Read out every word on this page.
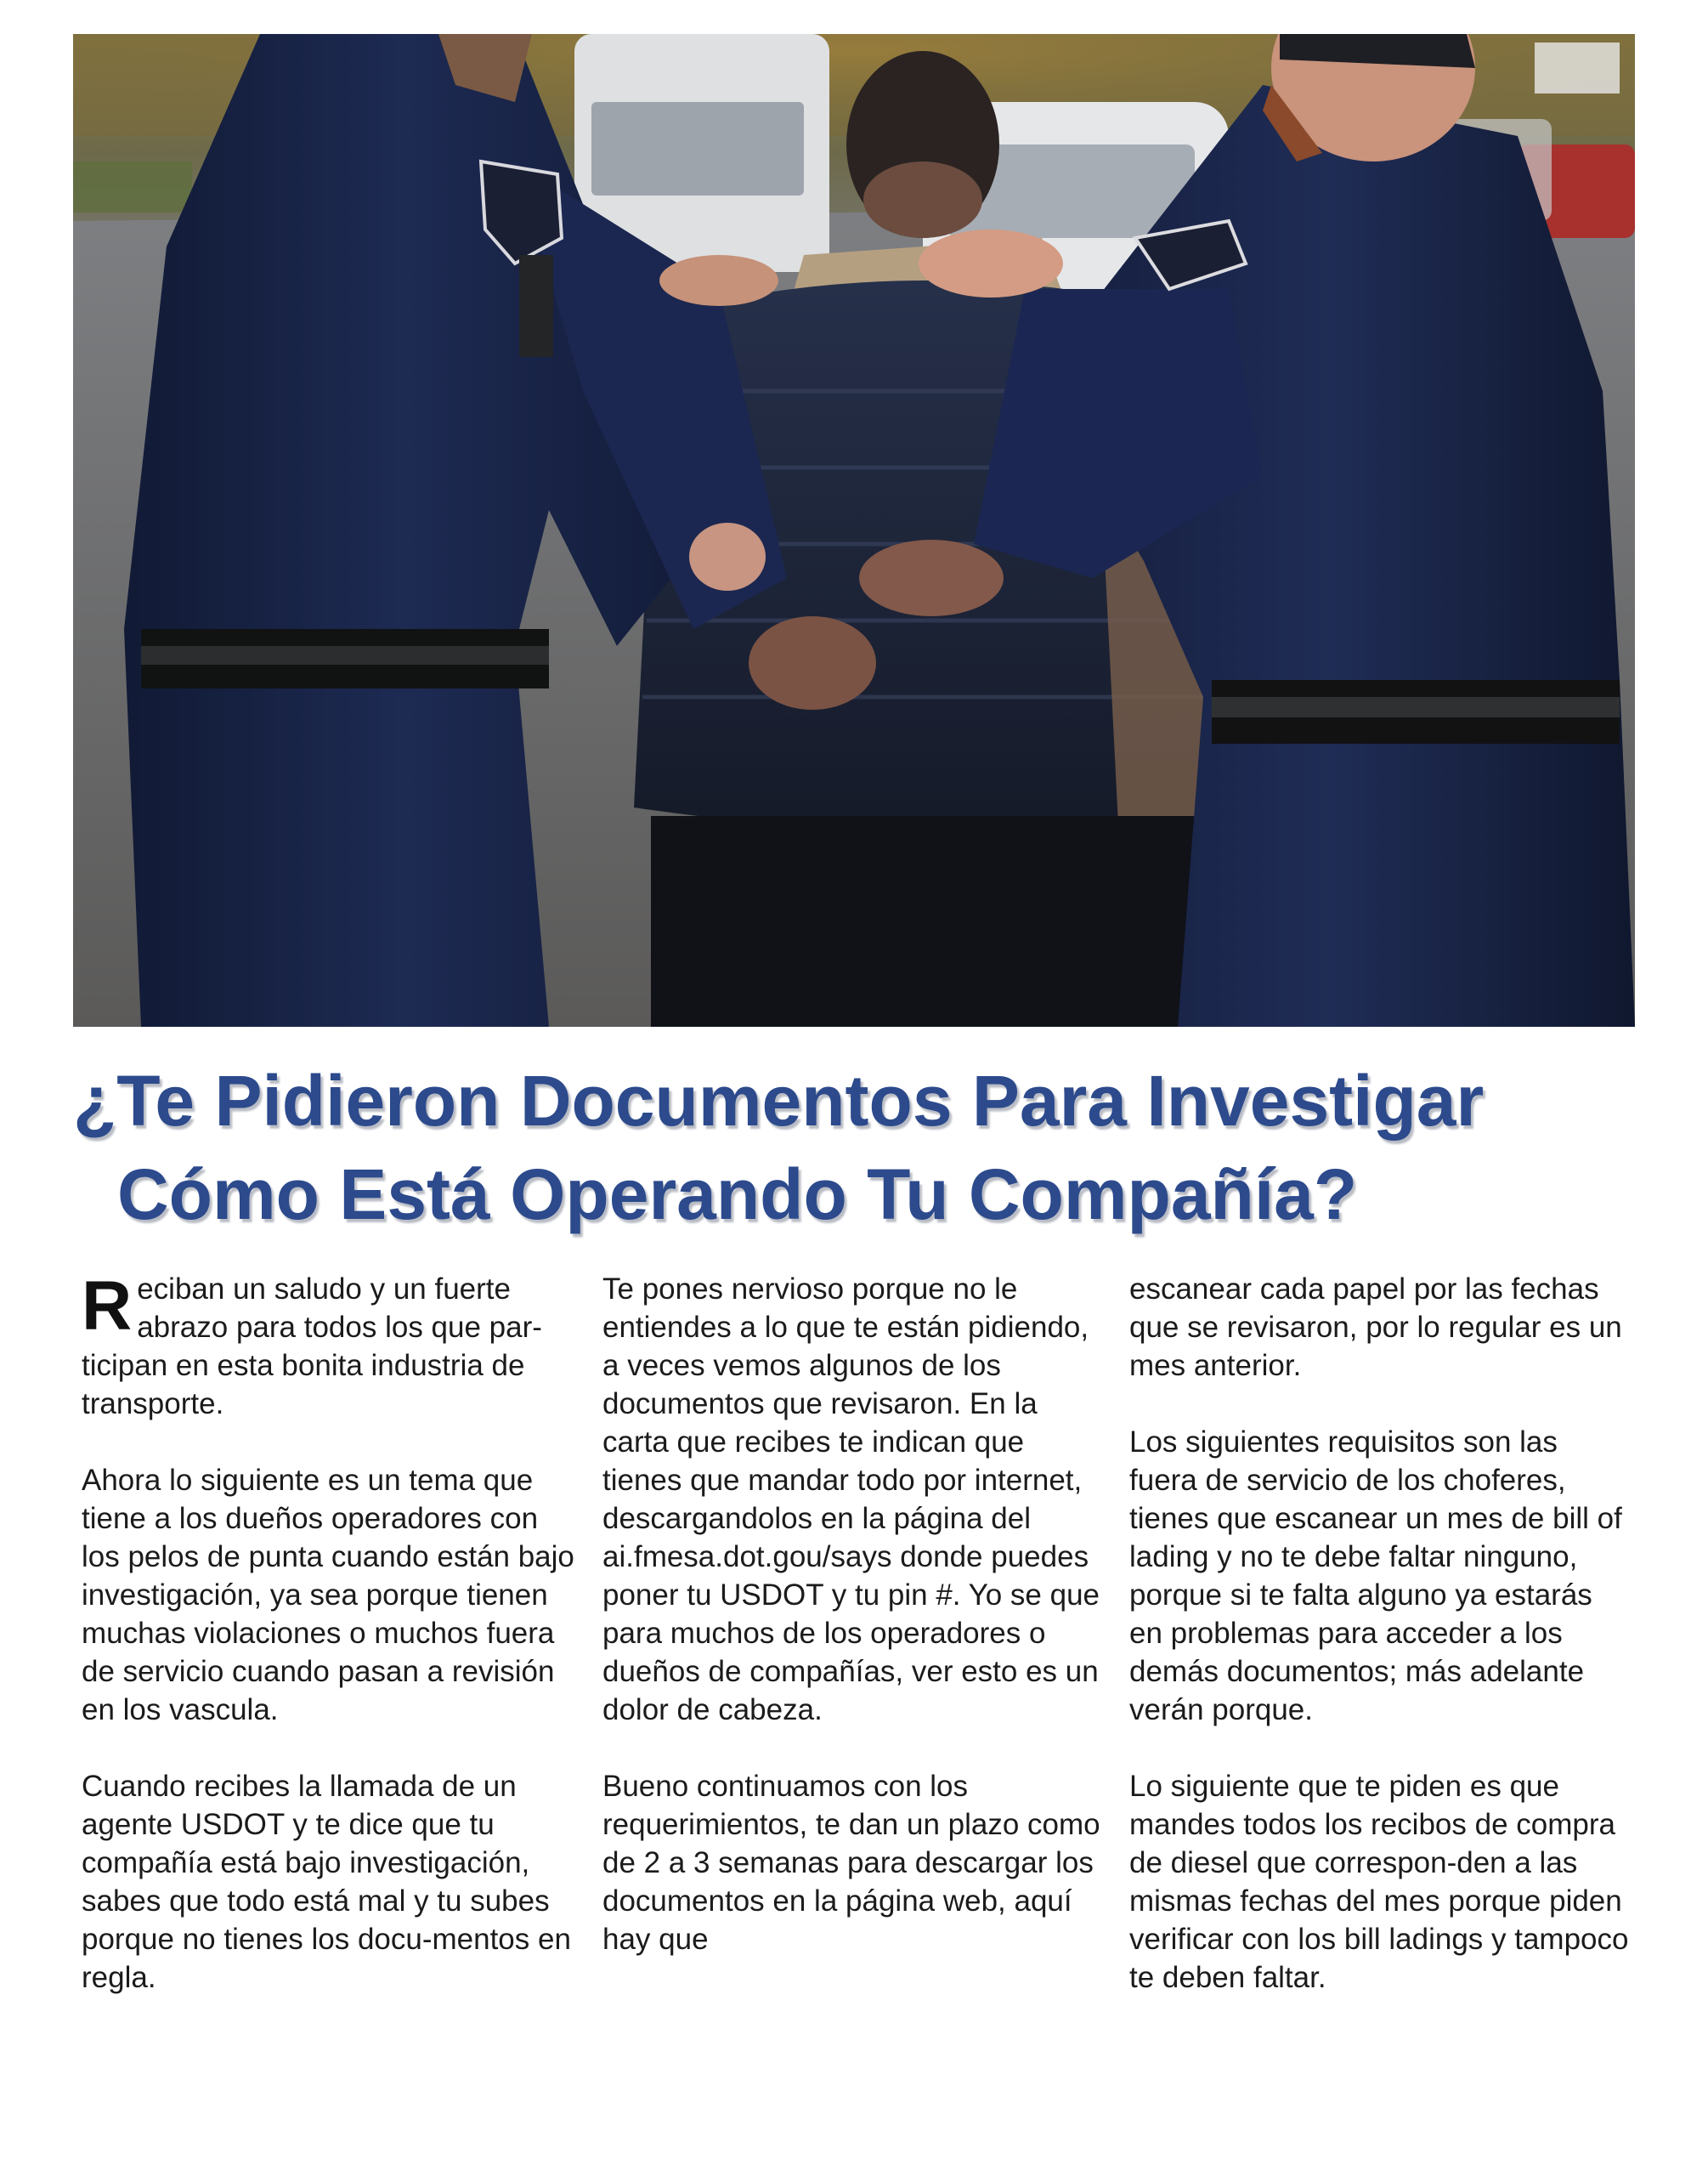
¿Te Pidieron Documentos Para Investigar
Cómo Está Operando Tu Compañía?

Reciban un saludo y un fuerte abrazo para todos los que par-ticipan en esta bonita industria de transporte.

Ahora lo siguiente es un tema que tiene a los dueños operadores con los pelos de punta cuando están bajo investigación, ya sea porque tienen muchas violaciones o muchos fuera de servicio cuando pasan a revisión en los vascula.

Cuando recibes la llamada de un agente USDOT y te dice que tu compañía está bajo investigación, sabes que todo está mal y tu subes porque no tienes los docu-mentos en regla.

Te pones nervioso porque no le entiendes a lo que te están pidiendo, a veces vemos algunos de los documentos que revisaron. En la carta que recibes te indican que tienes que mandar todo por internet, descargandolos en la página del ai.fmesa.dot.gou/says donde puedes poner tu USDOT y tu pin #. Yo se que para muchos de los operadores o dueños de compañías, ver esto es un dolor de cabeza.

Bueno continuamos con los requerimientos, te dan un plazo como de 2 a 3 semanas para descargar los documentos en la página web, aquí hay que

escanear cada papel por las fechas que se revisaron, por lo regular es un mes anterior.

Los siguientes requisitos son las fuera de servicio de los choferes, tienes que escanear un mes de bill of lading y no te debe faltar ninguno, porque si te falta alguno ya estarás en problemas para acceder a los demás documentos; más adelante verán porque.

Lo siguiente que te piden es que mandes todos los recibos de compra de diesel que correspon-den a las mismas fechas del mes porque piden verificar con los bill ladings y tampoco te deben faltar.
